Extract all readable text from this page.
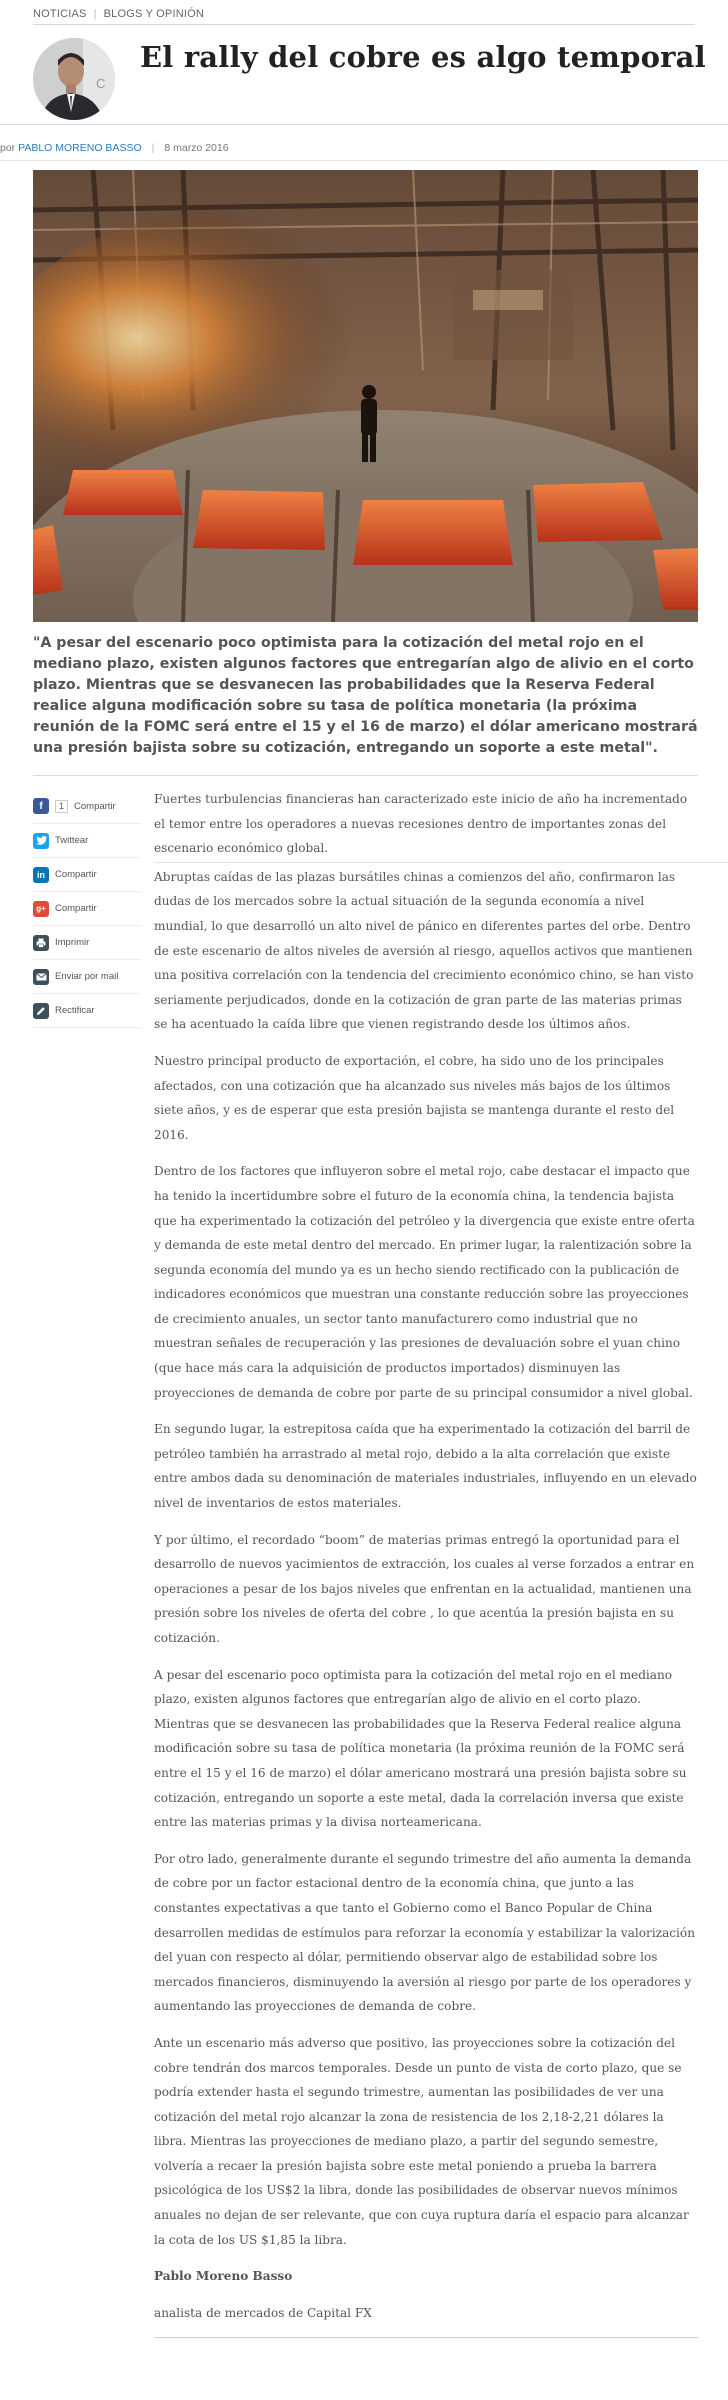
NOTICIAS | BLOGS Y OPINIÓN
C
El rally del cobre es algo temporal
por PABLO MORENO BASSO | 8 marzo 2016

"A pesar del escenario poco optimista para la cotización del metal rojo en el mediano plazo, existen algunos factores que entregarían algo de alivio en el corto plazo. Mientras que se desvanecen las probabilidades que la Reserva Federal realice alguna modificación sobre su tasa de política monetaria (la próxima reunión de la FOMC será entre el 15 y el 16 de marzo) el dólar americano mostrará una presión bajista sobre su cotización, entregando un soporte a este metal".

f	1	Compartir
Twittear
in	Compartir
g+ Compartir
Imprimir
Enviar por mail
Rectificar

Fuertes turbulencias financieras han caracterizado este inicio de año ha incrementado el temor entre los operadores a nuevas recesiones dentro de importantes zonas del escenario económico global.

Abruptas caídas de las plazas bursátiles chinas a comienzos del año, confirmaron las dudas de los mercados sobre la actual situación de la segunda economía a nivel mundial, lo que desarrolló un alto nivel de pánico en diferentes partes del orbe. Dentro de este escenario de altos niveles de aversión al riesgo, aquellos activos que mantienen una positiva correlación con la tendencia del crecimiento económico chino, se han visto seriamente perjudicados, donde en la cotización de gran parte de las materias primas se ha acentuado la caída libre que vienen registrando desde los últimos años.

Nuestro principal producto de exportación, el cobre, ha sido uno de los principales afectados, con una cotización que ha alcanzado sus niveles más bajos de los últimos siete años, y es de esperar que esta presión bajista se mantenga durante el resto del 2016.

Dentro de los factores que influyeron sobre el metal rojo, cabe destacar el impacto que ha tenido la incertidumbre sobre el futuro de la economía china, la tendencia bajista que ha experimentado la cotización del petróleo y la divergencia que existe entre oferta y demanda de este metal dentro del mercado. En primer lugar, la ralentización sobre la segunda economía del mundo ya es un hecho siendo rectificado con la publicación de indicadores económicos que muestran una constante reducción sobre las proyecciones de crecimiento anuales, un sector tanto manufacturero como industrial que no muestran señales de recuperación y las presiones de devaluación sobre el yuan chino (que hace más cara la adquisición de productos importados) disminuyen las proyecciones de demanda de cobre por parte de su principal consumidor a nivel global.

En segundo lugar, la estrepitosa caída que ha experimentado la cotización del barril de petróleo también ha arrastrado al metal rojo, debido a la alta correlación que existe entre ambos dada su denominación de materiales industriales, influyendo en un elevado nivel de inventarios de estos materiales.

Y por último, el recordado “boom” de materias primas entregó la oportunidad para el desarrollo de nuevos yacimientos de extracción, los cuales al verse forzados a entrar en operaciones a pesar de los bajos niveles que enfrentan en la actualidad, mantienen una presión sobre los niveles de oferta del cobre , lo que acentúa la presión bajista en su cotización.

A pesar del escenario poco optimista para la cotización del metal rojo en el mediano plazo, existen algunos factores que entregarían algo de alivio en el corto plazo. Mientras que se desvanecen las probabilidades que la Reserva Federal realice alguna modificación sobre su tasa de política monetaria (la próxima reunión de la FOMC será entre el 15 y el 16 de marzo) el dólar americano mostrará una presión bajista sobre su cotización, entregando un soporte a este metal, dada la correlación inversa que existe entre las materias primas y la divisa norteamericana.

Por otro lado, generalmente durante el segundo trimestre del año aumenta la demanda de cobre por un factor estacional dentro de la economía china, que junto a las constantes expectativas a que tanto el Gobierno como el Banco Popular de China desarrollen medidas de estímulos para reforzar la economía y estabilizar la valorización del yuan con respecto al dólar, permitiendo observar algo de estabilidad sobre los mercados financieros, disminuyendo la aversión al riesgo por parte de los operadores y aumentando las proyecciones de demanda de cobre.

Ante un escenario más adverso que positivo, las proyecciones sobre la cotización del cobre tendrán dos marcos temporales. Desde un punto de vista de corto plazo, que se podría extender hasta el segundo trimestre, aumentan las posibilidades de ver una cotización del metal rojo alcanzar la zona de resistencia de los 2,18-2,21 dólares la libra. Mientras las proyecciones de mediano plazo, a partir del segundo semestre, volvería a recaer la presión bajista sobre este metal poniendo a prueba la barrera psicológica de los US$2 la libra, donde las posibilidades de observar nuevos mínimos anuales no dejan de ser relevante, que con cuya ruptura daría el espacio para alcanzar la cota de los US $1,85 la libra.

Pablo Moreno Basso

analista de mercados de Capital FX
